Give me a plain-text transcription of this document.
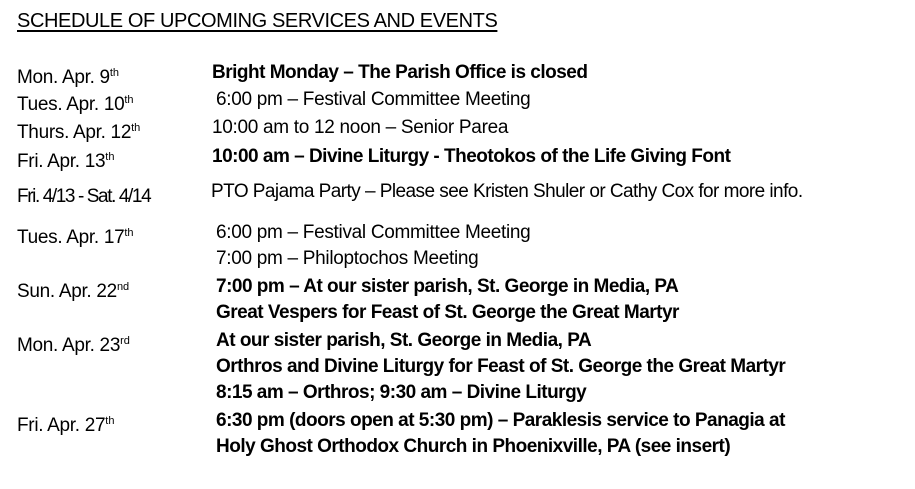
SCHEDULE OF UPCOMING SERVICES AND EVENTS
Mon. Apr. 9th	Bright Monday – The Parish Office is closed
Tues. Apr. 10th	6:00 pm – Festival Committee Meeting
Thurs. Apr. 12th	10:00 am to 12 noon – Senior Parea
Fri. Apr. 13th	10:00 am – Divine Liturgy - Theotokos of the Life Giving Font
Fri. 4/13 - Sat. 4/14	PTO Pajama Party – Please see Kristen Shuler or Cathy Cox for more info.
Tues. Apr. 17th	6:00 pm – Festival Committee Meeting
7:00 pm – Philoptochos Meeting
Sun. Apr. 22nd	7:00 pm – At our sister parish, St. George in Media, PA
Great Vespers for Feast of St. George the Great Martyr
Mon. Apr. 23rd	At our sister parish, St. George in Media, PA
Orthros and Divine Liturgy for Feast of St. George the Great Martyr
8:15 am – Orthros; 9:30 am – Divine Liturgy
Fri. Apr. 27th	6:30 pm (doors open at 5:30 pm) – Paraklesis service to Panagia at
Holy Ghost Orthodox Church in Phoenixville, PA (see insert)
